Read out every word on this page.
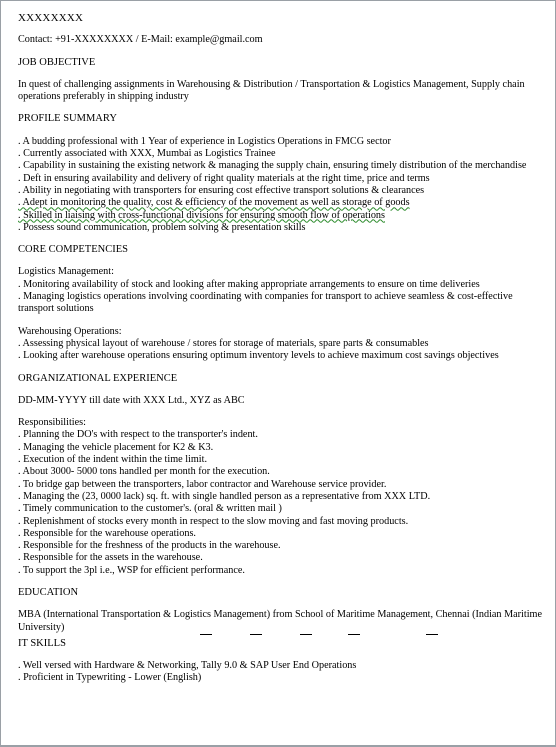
XXXXXXXX
Contact: +91-XXXXXXXX / E-Mail: example@gmail.com
JOB OBJECTIVE
In quest of challenging assignments in Warehousing & Distribution / Transportation & Logistics Management, Supply chain operations preferably in shipping industry
PROFILE SUMMARY
. A budding professional with 1 Year of experience in Logistics Operations in FMCG sector
. Currently associated with XXX, Mumbai as Logistics Trainee
. Capability in sustaining the existing network & managing the supply chain, ensuring timely distribution of the merchandise
. Deft in ensuring availability and delivery of right quality materials at the right time, price and terms
. Ability in negotiating with transporters for ensuring cost effective transport solutions & clearances
. Adept in monitoring the quality, cost & efficiency of the movement as well as storage of goods
. Skilled in liaising with cross-functional divisions for ensuring smooth flow of operations
. Possess sound communication, problem solving & presentation skills
CORE COMPETENCIES
Logistics Management:
. Monitoring availability of stock and looking after making appropriate arrangements to ensure on time deliveries
. Managing logistics operations involving coordinating with companies for transport to achieve seamless & cost-effective transport solutions
Warehousing Operations:
. Assessing physical layout of warehouse / stores for storage of materials, spare parts & consumables
. Looking after warehouse operations ensuring optimum inventory levels to achieve maximum cost savings objectives
ORGANIZATIONAL EXPERIENCE
DD-MM-YYYY till date with XXX Ltd., XYZ as ABC
Responsibilities:
. Planning the DO's with respect to the transporter's indent.
. Managing the vehicle placement for K2 & K3.
. Execution of the indent within the time limit.
. About 3000- 5000 tons handled per month for the execution.
. To bridge gap between the transporters, labor contractor and Warehouse service provider.
. Managing the (23, 0000 lack) sq. ft. with single handled person as a representative from XXX LTD.
. Timely communication to the customer's. (oral & written mail )
. Replenishment of stocks every month in respect to the slow moving and fast moving products.
. Responsible for the warehouse operations.
. Responsible for the freshness of the products in the warehouse.
. Responsible for the assets in the warehouse.
. To support the 3pl i.e., WSP for efficient performance.
EDUCATION
MBA (International Transportation & Logistics Management) from School of Maritime Management, Chennai (Indian Maritime University)
IT SKILLS
. Well versed with Hardware & Networking, Tally 9.0 & SAP User End Operations
. Proficient in Typewriting - Lower (English)
